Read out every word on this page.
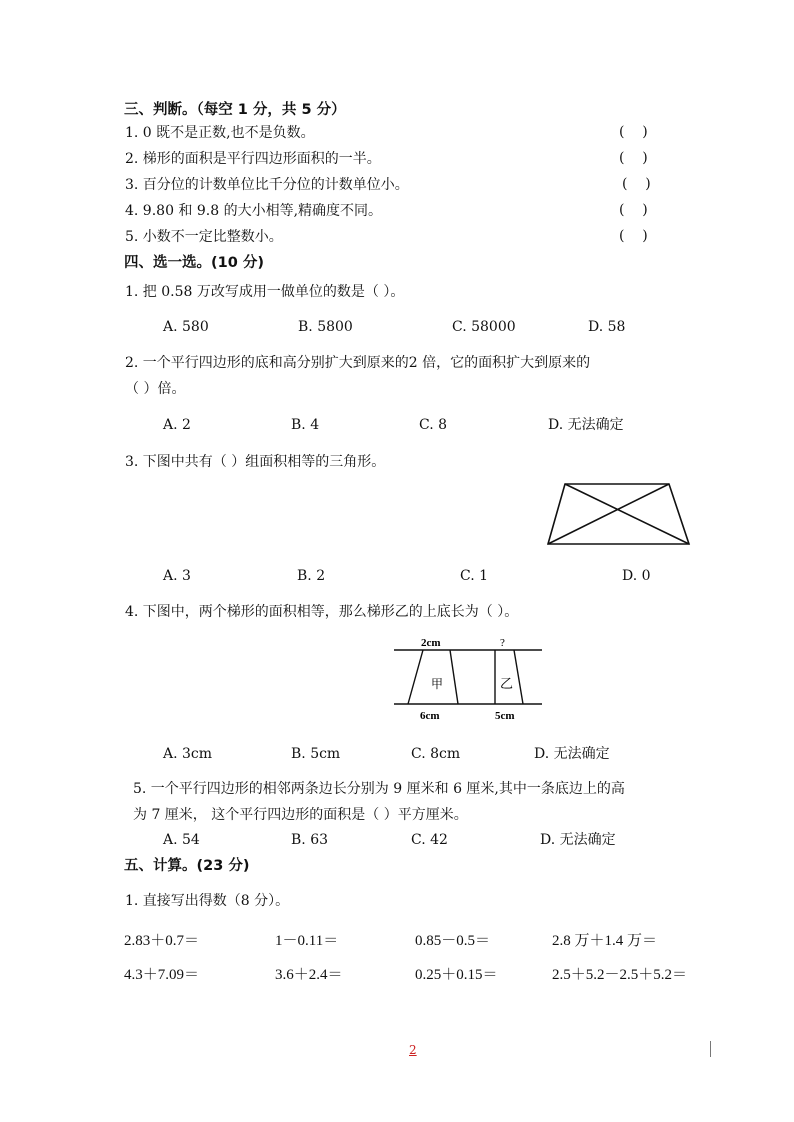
三、判断。（每空 1 分，共 5 分）
1. 0 既不是正数,也不是负数。	(    )
2. 梯形的面积是平行四边形面积的一半。	(    )
3. 百分位的计数单位比千分位的计数单位小。	(    )
4. 9.80 和 9.8 的大小相等,精确度不同。	(    )
5. 小数不一定比整数小。	(    )
四、选一选。(10 分)
1. 把 0.58 万改写成用一做单位的数是（ ）。
A. 580	B. 5800	C. 58000	D. 58
2. 一个平行四边形的底和高分别扩大到原来的2 倍，它的面积扩大到原来的
（ ）倍。
A. 2	B. 4	C. 8	D. 无法确定
3. 下图中共有（ ）组面积相等的三角形。
A. 3	B. 2	C. 1	D. 0
4. 下图中，两个梯形的面积相等，那么梯形乙的上底长为（ ）。
2cm	?
甲	乙
6cm	5cm
A. 3cm	B. 5cm	C. 8cm	D. 无法确定
5. 一个平行四边形的相邻两条边长分别为 9 厘米和 6 厘米,其中一条底边上的高
为 7 厘米， 这个平行四边形的面积是（ ）平方厘米。
A. 54	B. 63	C. 42	D. 无法确定
五、计算。(23 分)
1. 直接写出得数（8 分）。
2.83＋0.7＝	1－0.11＝	0.85－0.5＝	2.8 万＋1.4 万＝
4.3＋7.09＝	3.6＋2.4＝	0.25＋0.15＝	2.5＋5.2－2.5＋5.2＝
2
